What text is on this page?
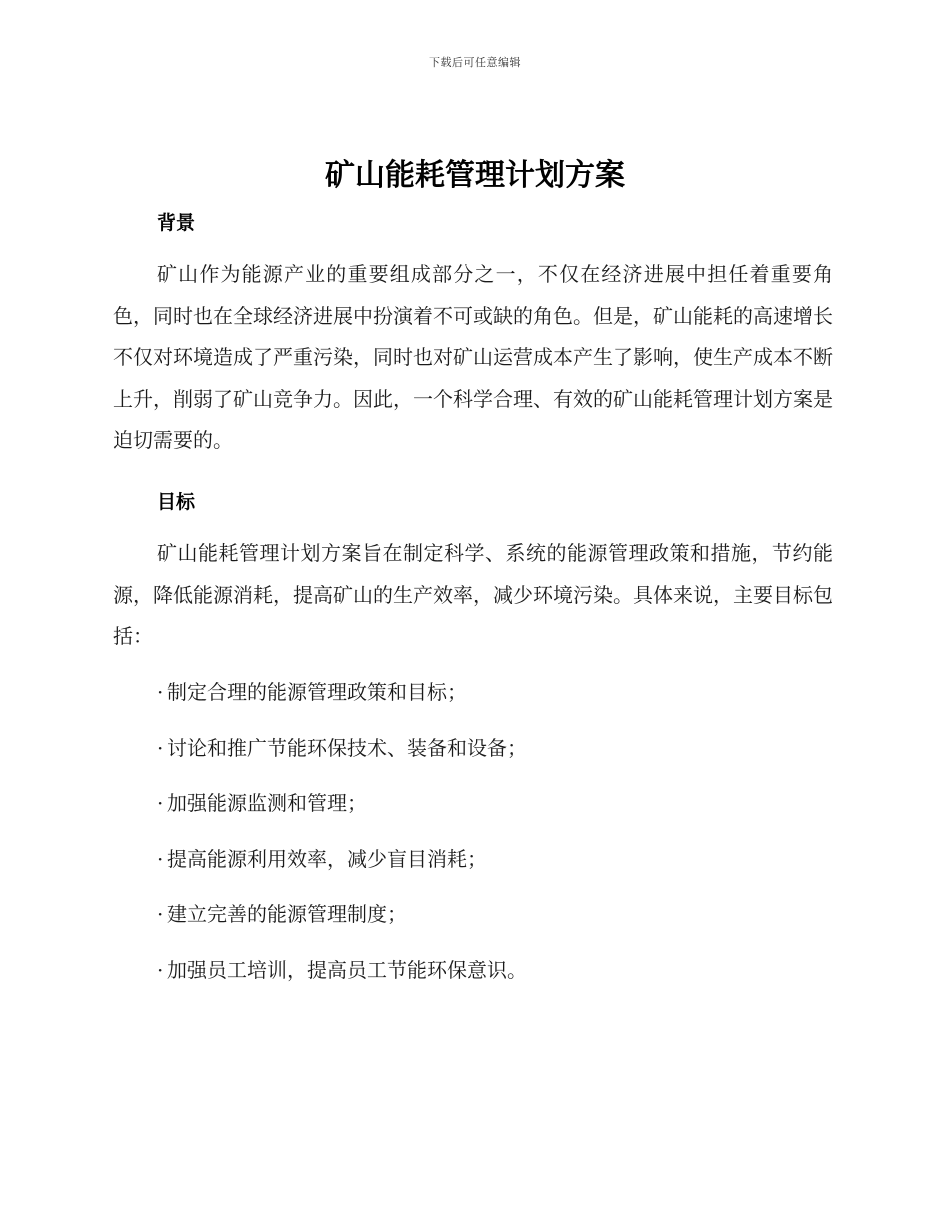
下载后可任意编辑
矿山能耗管理计划方案
背景

矿山作为能源产业的重要组成部分之一，不仅在经济进展中担任着重要角色，同时也在全球经济进展中扮演着不可或缺的角色。但是，矿山能耗的高速增长不仅对环境造成了严重污染，同时也对矿山运营成本产生了影响，使生产成本不断上升，削弱了矿山竞争力。因此，一个科学合理、有效的矿山能耗管理计划方案是迫切需要的。

目标

矿山能耗管理计划方案旨在制定科学、系统的能源管理政策和措施，节约能源，降低能源消耗，提高矿山的生产效率，减少环境污染。具体来说，主要目标包括：

· 制定合理的能源管理政策和目标；
· 讨论和推广节能环保技术、装备和设备；
· 加强能源监测和管理；
· 提高能源利用效率，减少盲目消耗；
· 建立完善的能源管理制度；
· 加强员工培训，提高员工节能环保意识。
